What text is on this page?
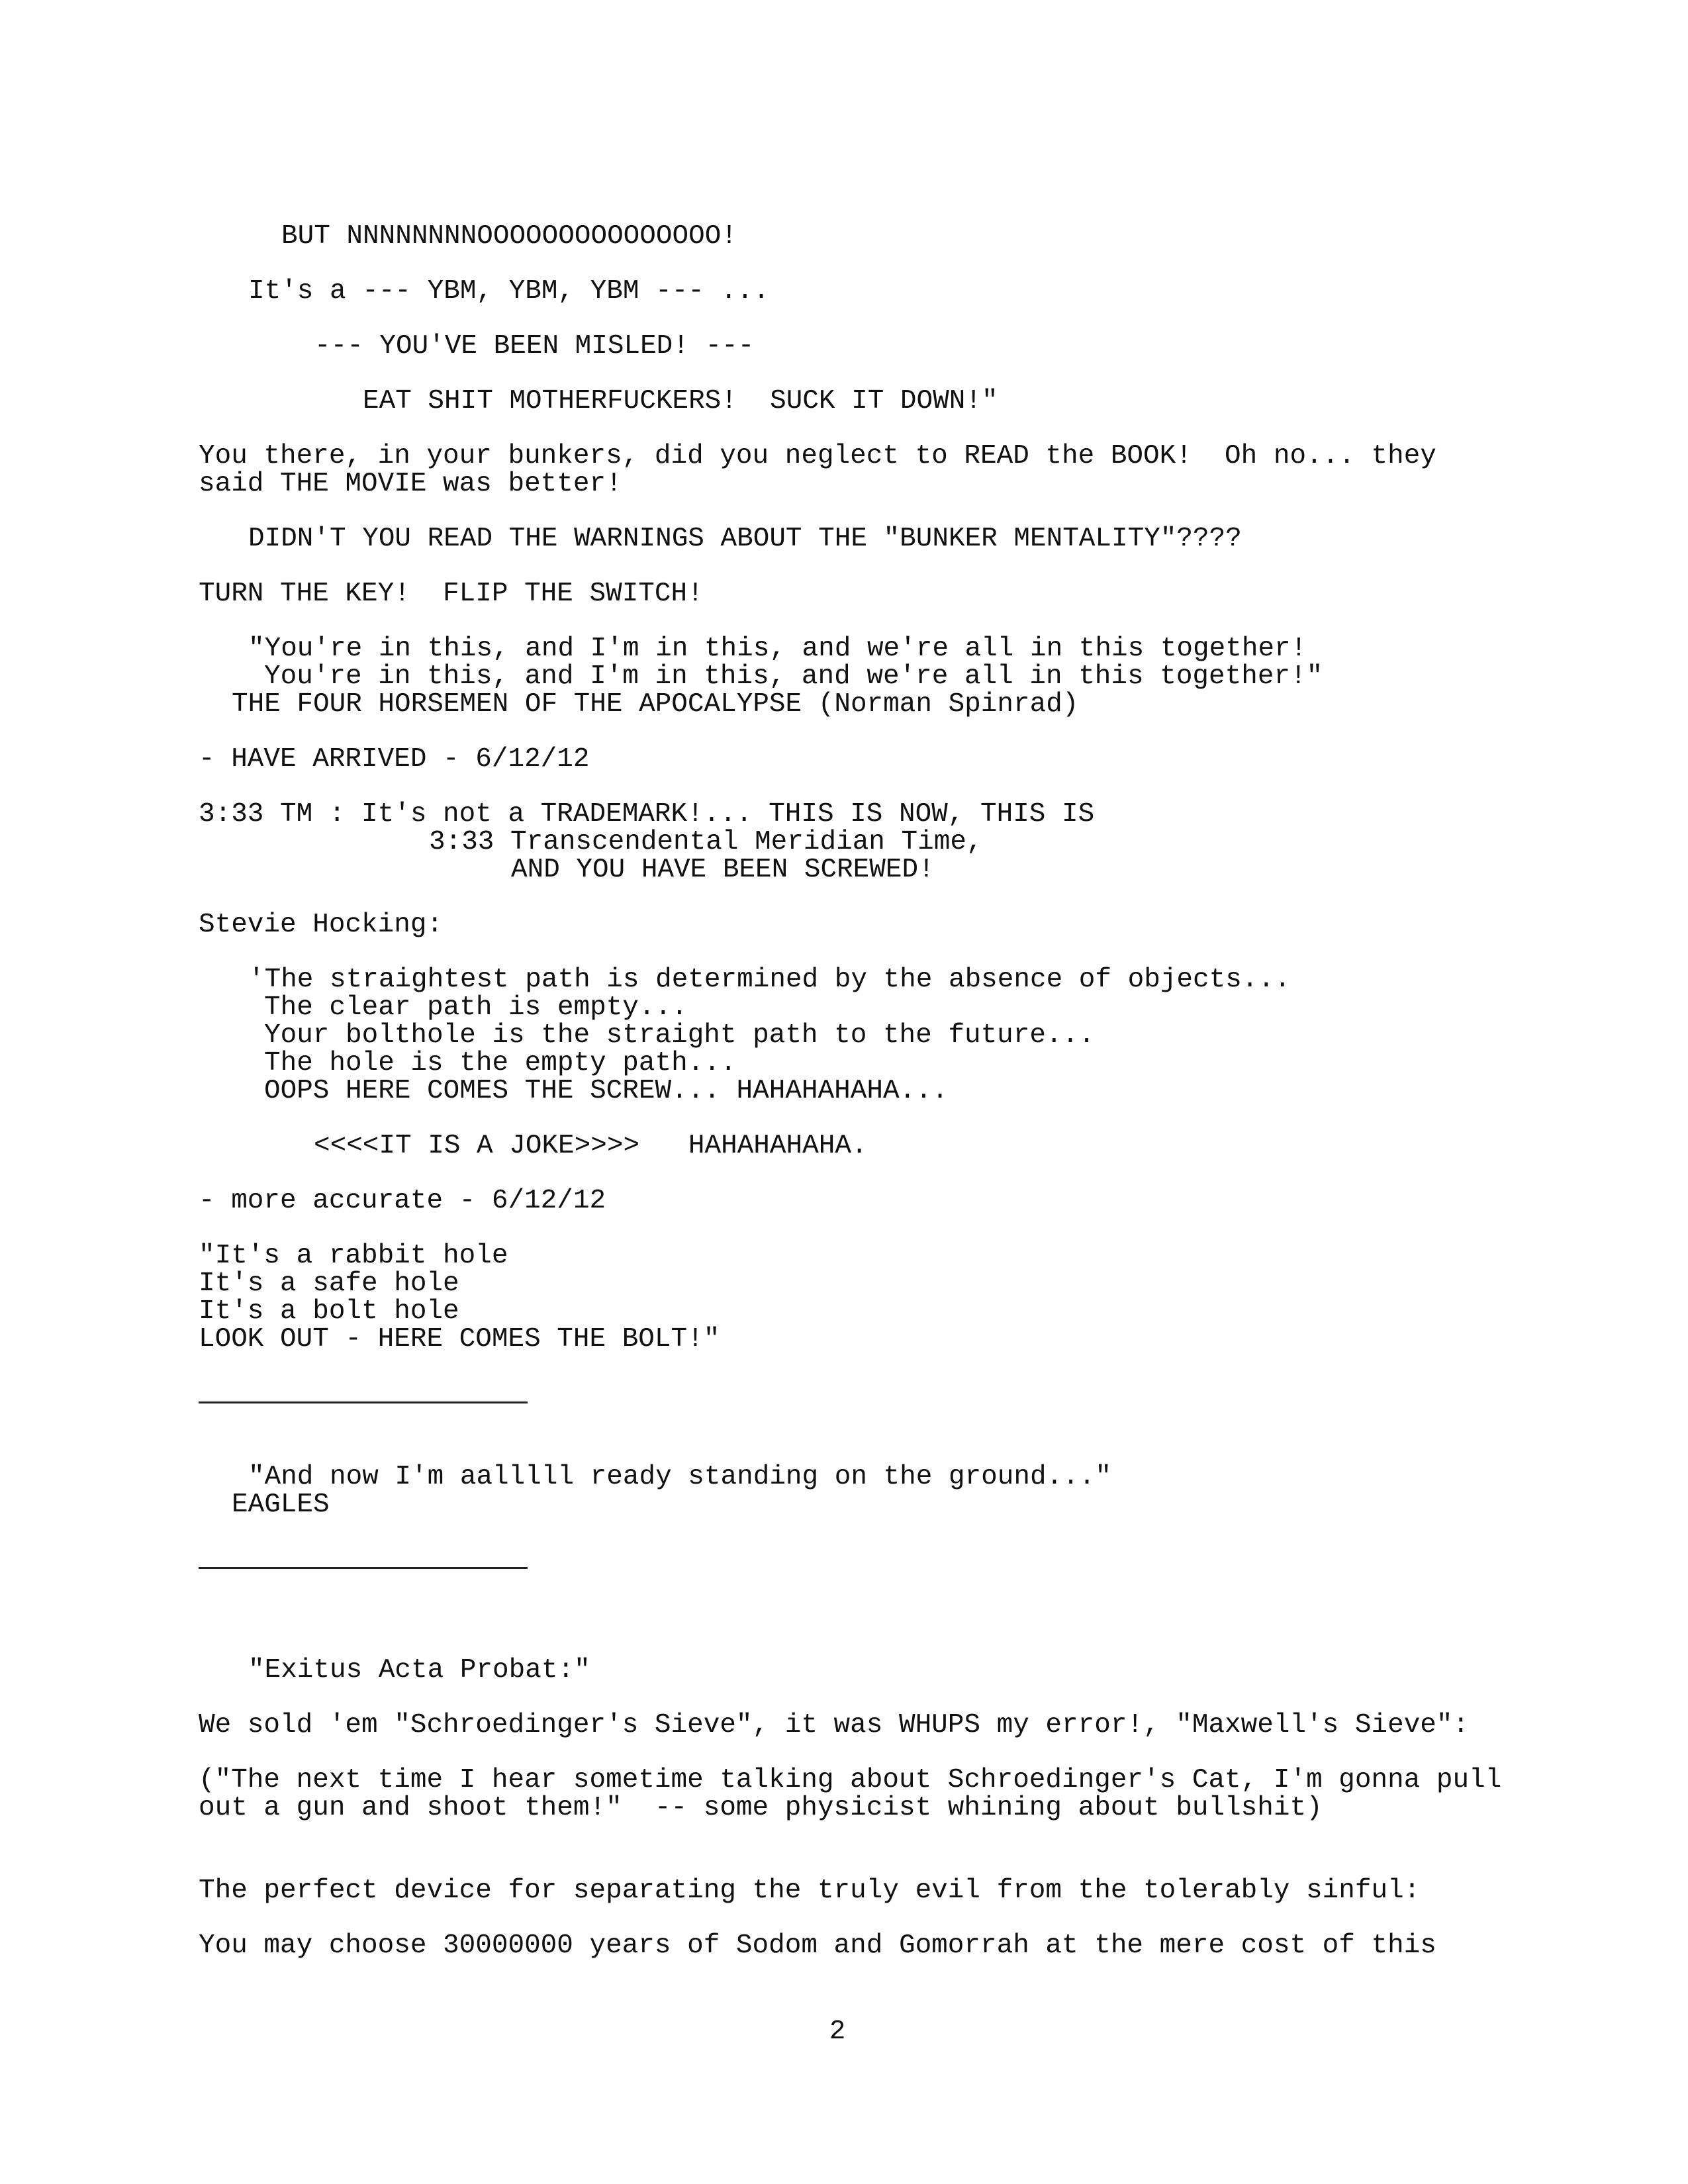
BUT NNNNNNNNOOOOOOOOOOOOOOO!

It's a --- YBM, YBM, YBM --- ...

--- YOU'VE BEEN MISLED! ---

EAT SHIT MOTHERFUCKERS!  SUCK IT DOWN!"

You there, in your bunkers, did you neglect to READ the BOOK!  Oh no... they

said THE MOVIE was better!

DIDN'T YOU READ THE WARNINGS ABOUT THE "BUNKER MENTALITY"????

TURN THE KEY!  FLIP THE SWITCH!

"You're in this, and I'm in this, and we're all in this together!

You're in this, and I'm in this, and we're all in this together!"

THE FOUR HORSEMEN OF THE APOCALYPSE (Norman Spinrad)

- HAVE ARRIVED - 6/12/12

3:33 TM : It's not a TRADEMARK!... THIS IS NOW, THIS IS

3:33 Transcendental Meridian Time,

AND YOU HAVE BEEN SCREWED!

Stevie Hocking:

'The straightest path is determined by the absence of objects...

The clear path is empty...

Your bolthole is the straight path to the future...

The hole is the empty path...

OOPS HERE COMES THE SCREW... HAHAHAHAHA...

<<<<IT IS A JOKE>>>>   HAHAHAHAHA.

- more accurate - 6/12/12

"It's a rabbit hole

It's a safe hole

It's a bolt hole

LOOK OUT - HERE COMES THE BOLT!"

"And now I'm aalllll ready standing on the ground..."

EAGLES

"Exitus Acta Probat:"

We sold 'em "Schroedinger's Sieve", it was WHUPS my error!, "Maxwell's Sieve":

("The next time I hear sometime talking about Schroedinger's Cat, I'm gonna pull

out a gun and shoot them!"  -- some physicist whining about bullshit)

The perfect device for separating the truly evil from the tolerably sinful:

You may choose 30000000 years of Sodom and Gomorrah at the mere cost of this

2
